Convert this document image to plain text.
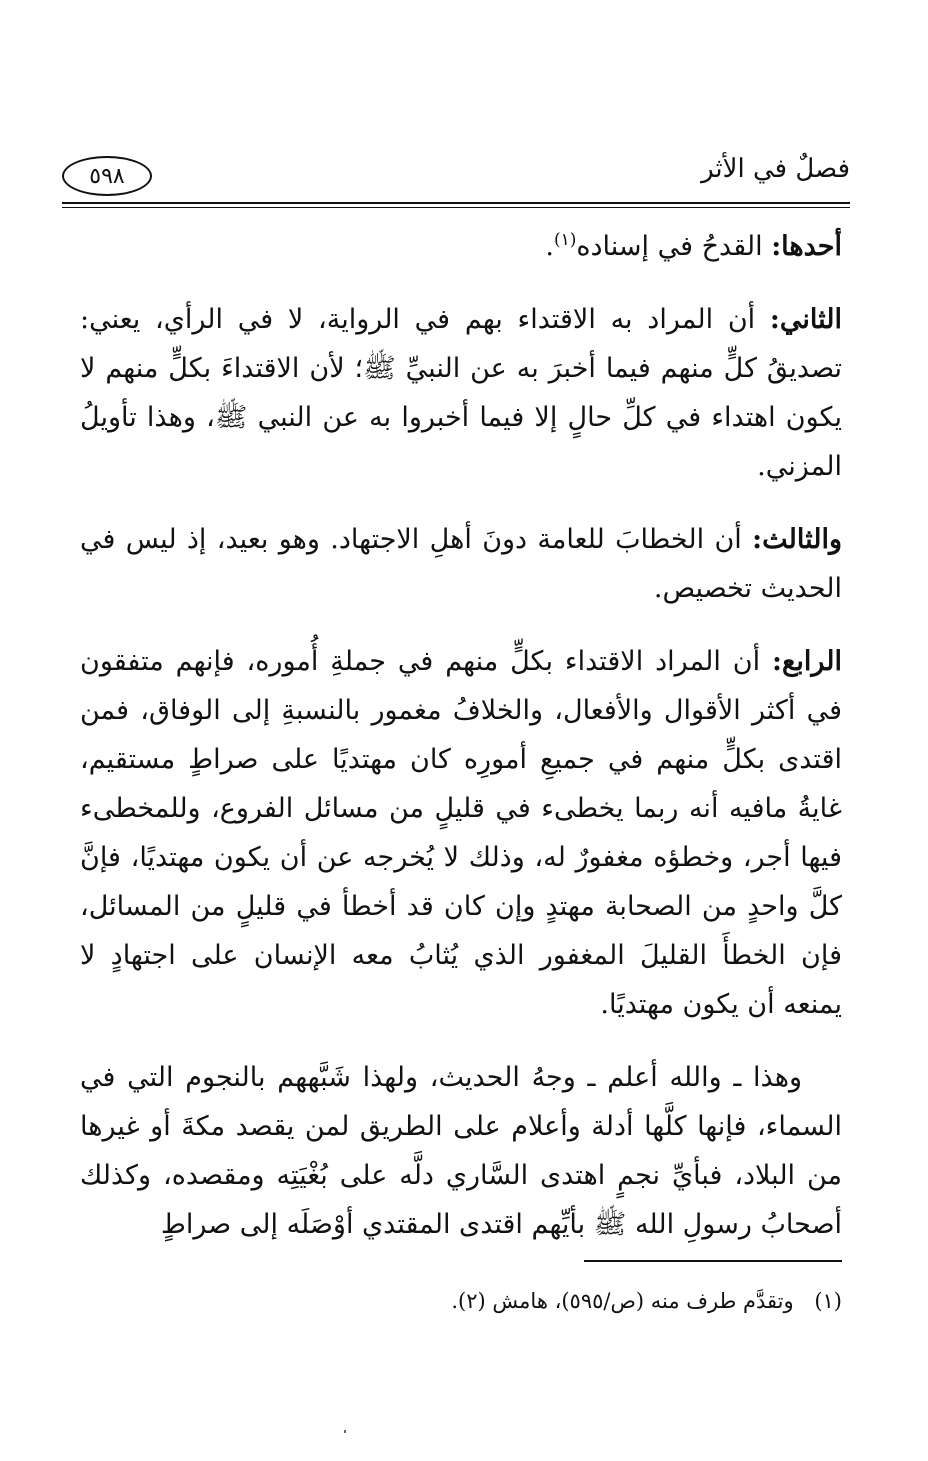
٥٩٨	فصلٌ في الأثر

أحدها: القدحُ في إسناده$^{(١)}$.

الثاني: أن المراد به الاقتداء بهم في الرواية، لا في الرأي، يعني: تصديقُ كلٍّ منهم فيما أخبرَ به عن النبيِّ ﷺ؛ لأن الاقتداءَ بكلٍّ منهم لا يكون اهتداء في كلِّ حالٍ إلا فيما أخبروا به عن النبي ﷺ، وهذا تأويلُ المزني.

والثالث: أن الخطابَ للعامة دونَ أهلِ الاجتهاد. وهو بعيد، إذ ليس في الحديث تخصيص.

الرابع: أن المراد الاقتداء بكلٍّ منهم في جملةِ أُموره، فإنهم متفقون في أكثر الأقوال والأفعال، والخلافُ مغمور بالنسبةِ إلى الوفاق، فمن اقتدى بكلٍّ منهم في جميعِ أمورِه كان مهتديًا على صراطٍ مستقيم، غايةُ مافيه أنه ربما يخطىء في قليلٍ من مسائل الفروع، وللمخطىء فيها أجر، وخطؤه مغفورٌ له، وذلك لا يُخرجه عن أن يكون مهتديًا، فإنَّ كلَّ واحدٍ من الصحابة مهتدٍ وإن كان قد أخطأ في قليلٍ من المسائل، فإن الخطأَ القليلَ المغفور الذي يُثابُ معه الإنسان على اجتهادٍ لا يمنعه أن يكون مهتديًا.

وهذا ـ والله أعلم ـ وجهُ الحديث، ولهذا شَبَّههم بالنجوم التي في السماء، فإنها كلَّها أدلة وأعلام على الطريق لمن يقصد مكةَ أو غيرها من البلاد، فبأيِّ نجمٍ اهتدى السَّاري دلَّه على بُغْيَتِه ومقصده، وكذلك أصحابُ رسولِ الله ﷺ بأيِّهم اقتدى المقتدي أوْصَلَه إلى صراطٍ

(١) وتقدَّم طرف منه (ص/٥٩٥)، هامش (٢).
